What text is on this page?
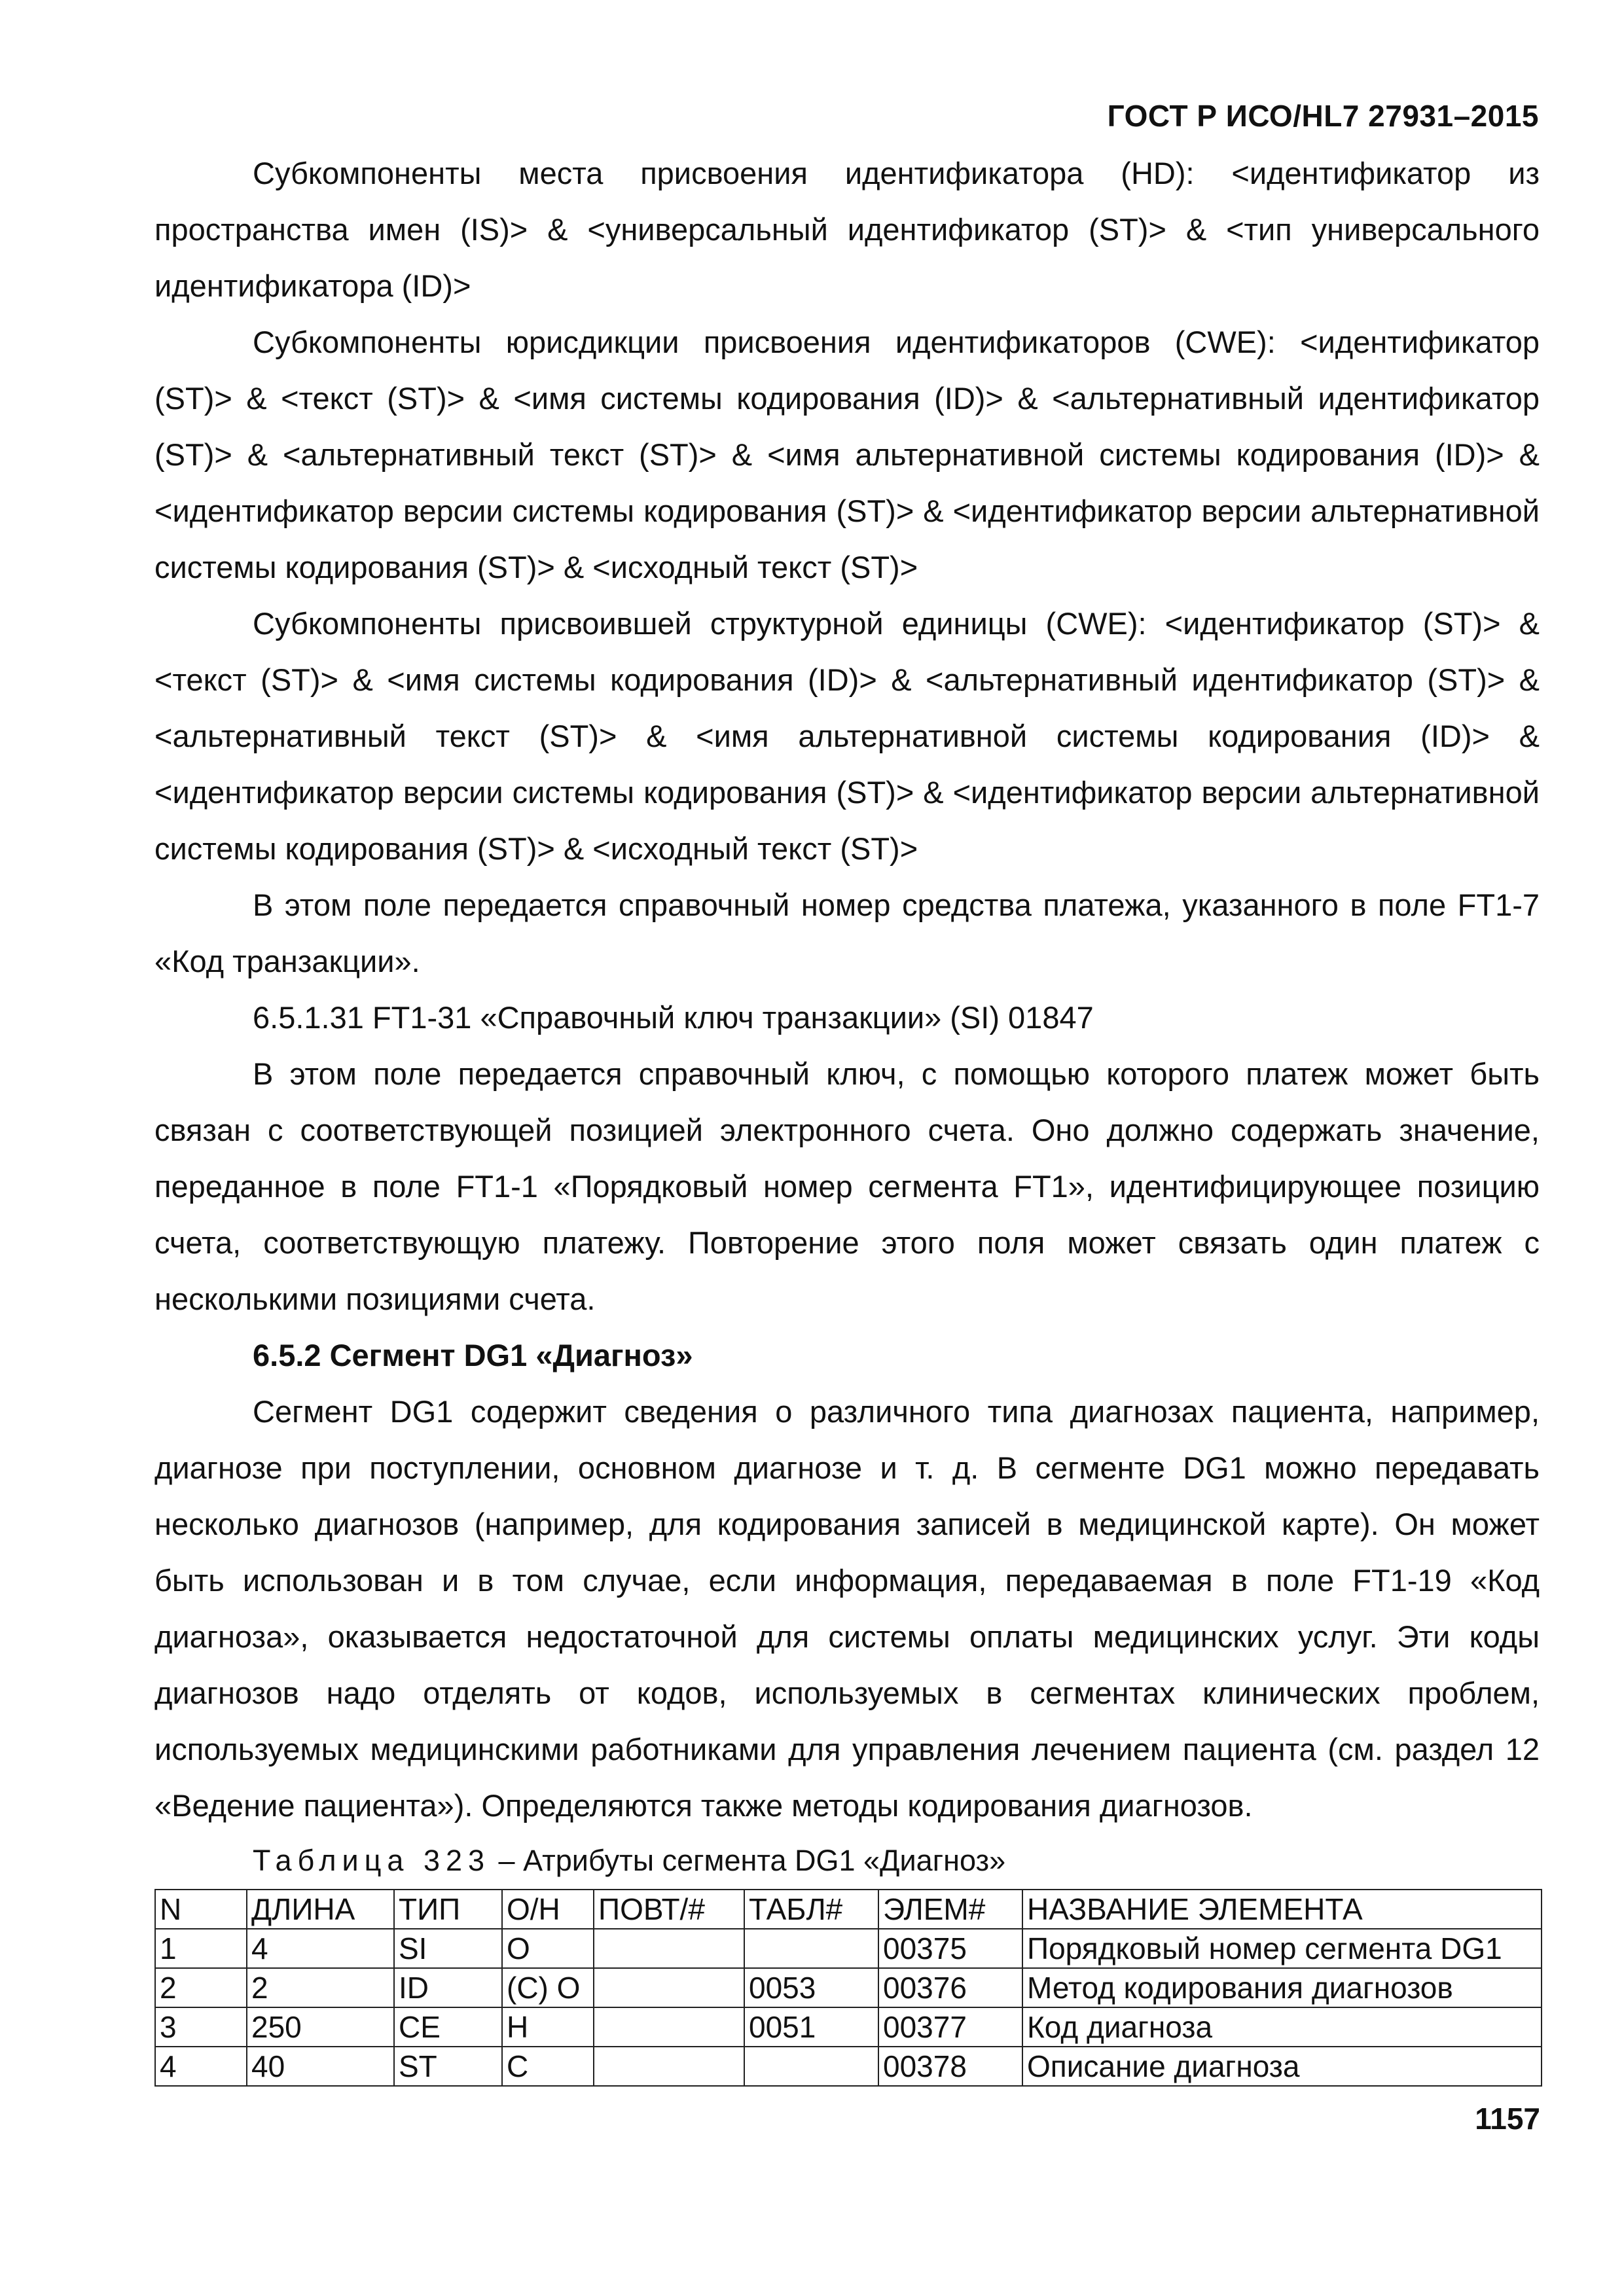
ГОСТ Р ИСО/HL7 27931–2015

Субкомпоненты места присвоения идентификатора (HD): <идентификатор из пространства имен (IS)> & <универсальный идентификатор (ST)> & <тип универсального идентификатора (ID)>

Субкомпоненты юрисдикции присвоения идентификаторов (CWE): <идентификатор (ST)> & <текст (ST)> & <имя системы кодирования (ID)> & <альтернативный идентификатор (ST)> & <альтернативный текст (ST)> & <имя альтернативной системы кодирования (ID)> & <идентификатор версии системы кодирования (ST)> & <идентификатор версии альтернативной системы кодирования (ST)> & <исходный текст (ST)>

Субкомпоненты присвоившей структурной единицы (CWE): <идентификатор (ST)> & <текст (ST)> & <имя системы кодирования (ID)> & <альтернативный идентификатор (ST)> & <альтернативный текст (ST)> & <имя альтернативной системы кодирования (ID)> & <идентификатор версии системы кодирования (ST)> & <идентификатор версии альтернативной системы кодирования (ST)> & <исходный текст (ST)>

В этом поле передается справочный номер средства платежа, указанного в поле FT1-7 «Код транзакции».

6.5.1.31 FT1-31 «Справочный ключ транзакции» (SI) 01847

В этом поле передается справочный ключ, с помощью которого платеж может быть связан с соответствующей позицией электронного счета. Оно должно содержать значение, переданное в поле FT1-1 «Порядковый номер сегмента FT1», идентифицирующее позицию счета, соответствующую платежу. Повторение этого поля может связать один платеж с несколькими позициями счета.

6.5.2 Сегмент DG1 «Диагноз»

Сегмент DG1 содержит сведения о различного типа диагнозах пациента, например, диагнозе при поступлении, основном диагнозе и т. д. В сегменте DG1 можно передавать несколько диагнозов (например, для кодирования записей в медицинской карте). Он может быть использован и в том случае, если информация, передаваемая в поле FT1-19 «Код диагноза», оказывается недостаточной для системы оплаты медицинских услуг. Эти коды диагнозов надо отделять от кодов, используемых в сегментах клинических проблем, используемых медицинскими работниками для управления лечением пациента (см. раздел 12 «Ведение пациента»). Определяются также методы кодирования диагнозов.

Таблица 323 – Атрибуты сегмента DG1 «Диагноз»
N	ДЛИНА	ТИП	О/Н	ПОВТ/#	ТАБЛ#	ЭЛЕМ#	НАЗВАНИЕ ЭЛЕМЕНТА
1	4	SI	O			00375	Порядковый номер сегмента DG1
2	2	ID	(C) O		0053	00376	Метод кодирования диагнозов
3	250	CE	H		0051	00377	Код диагноза
4	40	ST	C			00378	Описание диагноза
1157
